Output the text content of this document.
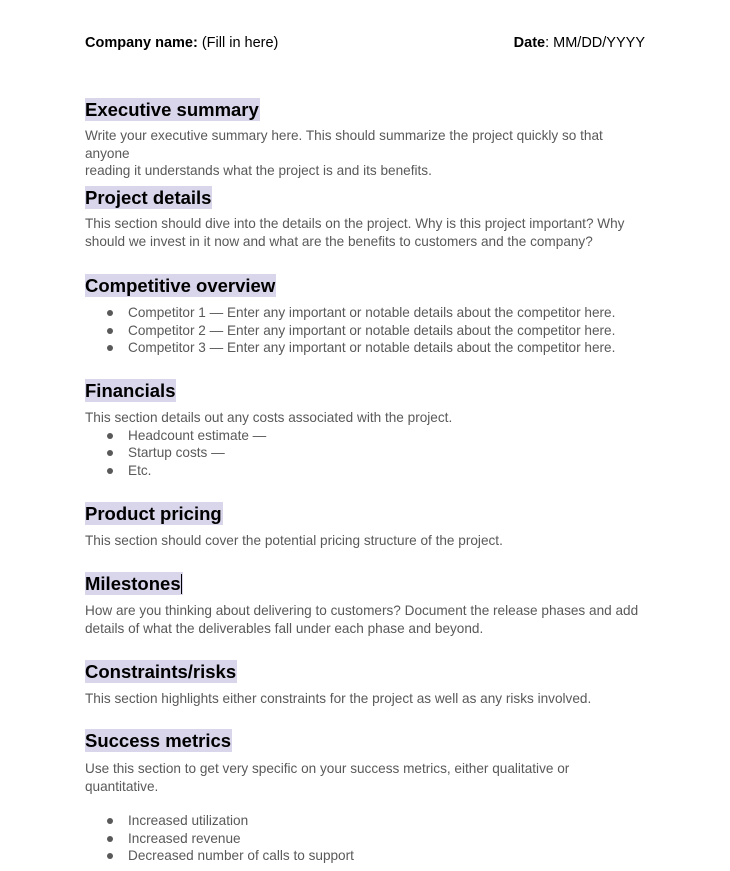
Company name: (Fill in here)	Date: MM/DD/YYYY
Executive summary

Write your executive summary here. This should summarize the project quickly so that anyone
reading it understands what the project is and its benefits.

Project details

This section should dive into the details on the project. Why is this project important? Why
should we invest in it now and what are the benefits to customers and the company?

Competitive overview
Competitor 1 — Enter any important or notable details about the competitor here.
Competitor 2 — Enter any important or notable details about the competitor here.
Competitor 3 — Enter any important or notable details about the competitor here.
Financials

This section details out any costs associated with the project.

Headcount estimate —
Startup costs —
Etc.
Product pricing

This section should cover the potential pricing structure of the project.

Milestones

How are you thinking about delivering to customers? Document the release phases and add
details of what the deliverables fall under each phase and beyond.

Constraints/risks

This section highlights either constraints for the project as well as any risks involved.

Success metrics

Use this section to get very specific on your success metrics, either qualitative or quantitative.

Increased utilization
Increased revenue
Decreased number of calls to support
